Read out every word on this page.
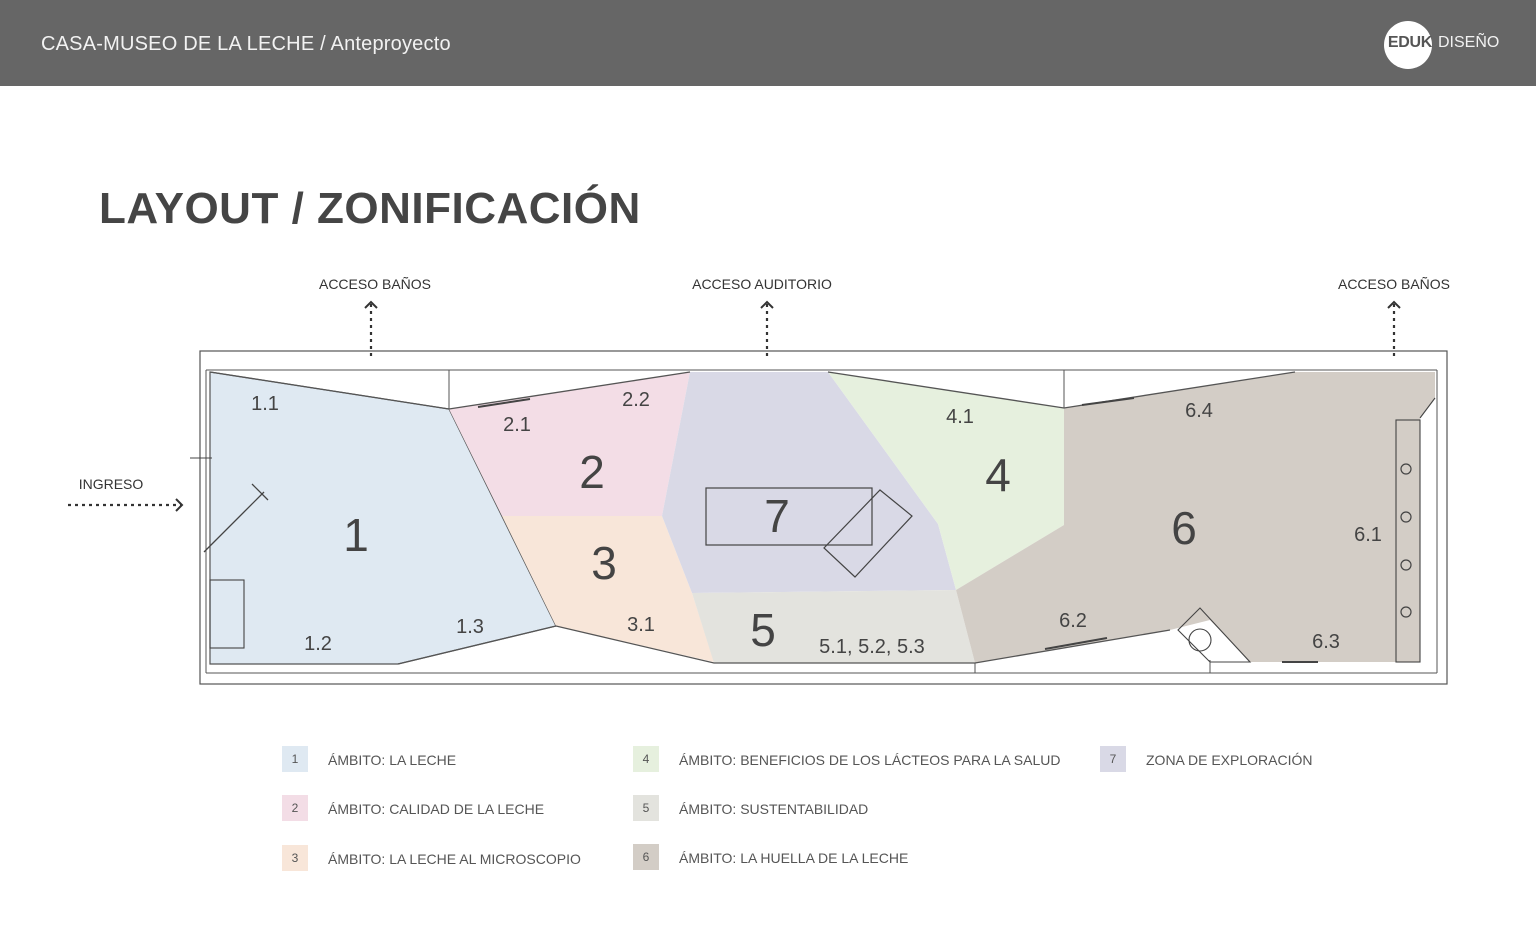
CASA-MUSEO DE LA LECHE / Anteproyecto	EDUK DISEÑO
LAYOUT / ZONIFICACIÓN
ACCESO BAÑOS	ACCESO AUDITORIO	ACCESO BAÑOS
INGRESO
1
2
3
7
4
5
6
1.1
1.2
1.3
2.1
2.2
3.1
4.1
5.1, 5.2, 5.3
6.1
6.2
6.3
6.4
1	ÁMBITO: LA LECHE
2	ÁMBITO: CALIDAD DE LA LECHE
3	ÁMBITO: LA LECHE AL MICROSCOPIO
4	ÁMBITO: BENEFICIOS DE LOS LÁCTEOS PARA LA SALUD
5	ÁMBITO: SUSTENTABILIDAD
6	ÁMBITO: LA HUELLA DE LA LECHE
7	ZONA DE EXPLORACIÓN
